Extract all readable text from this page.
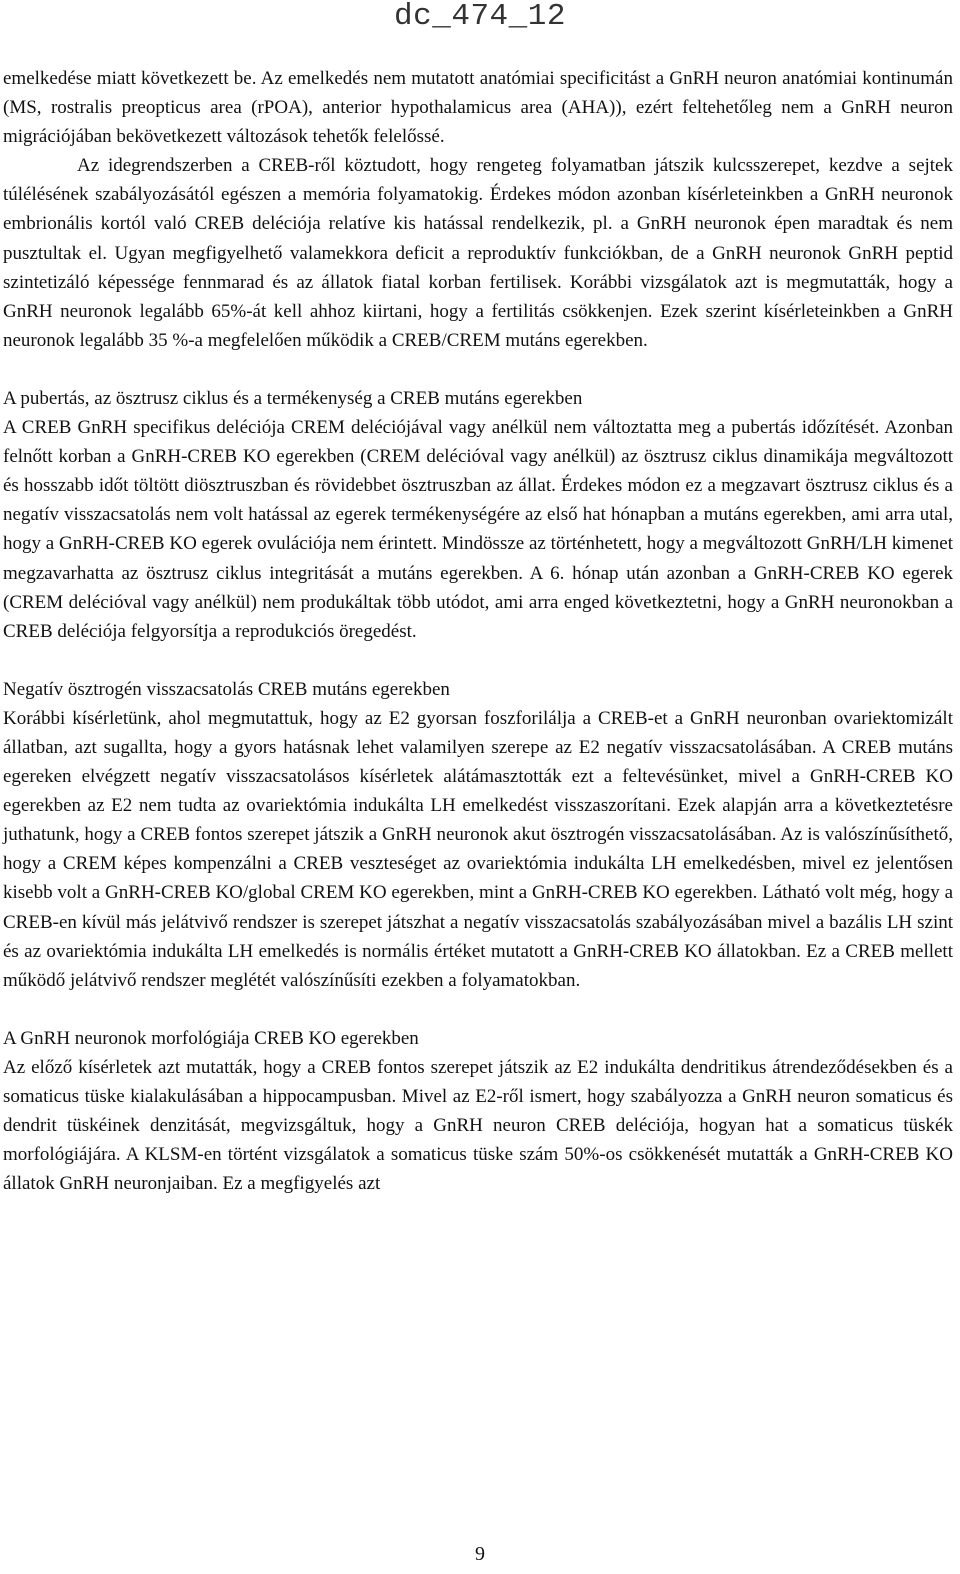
dc_474_12

emelkedése miatt következett be. Az emelkedés nem mutatott anatómiai specificitást a GnRH neuron anatómiai kontinumán (MS, rostralis preopticus area (rPOA), anterior hypothalamicus area (AHA)), ezért feltehetőleg nem a GnRH neuron migrációjában bekövetkezett változások tehetők felelőssé.

Az idegrendszerben a CREB-ről köztudott, hogy rengeteg folyamatban játszik kulcsszerepet, kezdve a sejtek túlélésének szabályozásától egészen a memória folyamatokig. Érdekes módon azonban kísérleteinkben a GnRH neuronok embrionális kortól való CREB deléciója relatíve kis hatással rendelkezik, pl. a GnRH neuronok épen maradtak és nem pusztultak el. Ugyan megfigyelhető valamekkora deficit a reproduktív funkciókban, de a GnRH neuronok GnRH peptid szintetizáló képessége fennmarad és az állatok fiatal korban fertilisek. Korábbi vizsgálatok azt is megmutatták, hogy a GnRH neuronok legalább 65%-át kell ahhoz kiirtani, hogy a fertilitás csökkenjen. Ezek szerint kísérleteinkben a GnRH neuronok legalább 35 %-a megfelelően működik a CREB/CREM mutáns egerekben.

A pubertás, az ösztrusz ciklus és a termékenység a CREB mutáns egerekben

A CREB GnRH specifikus deléciója CREM deléciójával vagy anélkül nem változtatta meg a pubertás időzítését. Azonban felnőtt korban a GnRH-CREB KO egerekben (CREM delécióval vagy anélkül) az ösztrusz ciklus dinamikája megváltozott és hosszabb időt töltött diösztruszban és rövidebbet ösztruszban az állat. Érdekes módon ez a megzavart ösztrusz ciklus és a negatív visszacsatolás nem volt hatással az egerek termékenységére az első hat hónapban a mutáns egerekben, ami arra utal, hogy a GnRH-CREB KO egerek ovulációja nem érintett. Mindössze az történhetett, hogy a megváltozott GnRH/LH kimenet megzavarhatta az ösztrusz ciklus integritását a mutáns egerekben. A 6. hónap után azonban a GnRH-CREB KO egerek (CREM delécióval vagy anélkül) nem produkáltak több utódot, ami arra enged következtetni, hogy a GnRH neuronokban a CREB deléciója felgyorsítja a reprodukciós öregedést.

Negatív ösztrogén visszacsatolás CREB mutáns egerekben

Korábbi kísérletünk, ahol megmutattuk, hogy az E2 gyorsan foszforilálja a CREB-et a GnRH neuronban ovariektomizált állatban, azt sugallta, hogy a gyors hatásnak lehet valamilyen szerepe az E2 negatív visszacsatolásában. A CREB mutáns egereken elvégzett negatív visszacsatolásos kísérletek alátámasztották ezt a feltevésünket, mivel a GnRH-CREB KO egerekben az E2 nem tudta az ovariektómia indukálta LH emelkedést visszaszorítani. Ezek alapján arra a következtetésre juthatunk, hogy a CREB fontos szerepet játszik a GnRH neuronok akut ösztrogén visszacsatolásában. Az is valószínűsíthető, hogy a CREM képes kompenzálni a CREB veszteséget az ovariektómia indukálta LH emelkedésben, mivel ez jelentősen kisebb volt a GnRH-CREB KO/global CREM KO egerekben, mint a GnRH-CREB KO egerekben. Látható volt még, hogy a CREB-en kívül más jelátvivő rendszer is szerepet játszhat a negatív visszacsatolás szabályozásában mivel a bazális LH szint és az ovariektómia indukálta LH emelkedés is normális értéket mutatott a GnRH-CREB KO állatokban. Ez a CREB mellett működő jelátvivő rendszer meglétét valószínűsíti ezekben a folyamatokban.

A GnRH neuronok morfológiája CREB KO egerekben

Az előző kísérletek azt mutatták, hogy a CREB fontos szerepet játszik az E2 indukálta dendritikus átrendeződésekben és a somaticus tüske kialakulásában a hippocampusban. Mivel az E2-ről ismert, hogy szabályozza a GnRH neuron somaticus és dendrit tüskéinek denzitását, megvizsgáltuk, hogy a GnRH neuron CREB deléciója, hogyan hat a somaticus tüskék morfológiájára. A KLSM-en történt vizsgálatok a somaticus tüske szám 50%-os csökkenését mutatták a GnRH-CREB KO állatok GnRH neuronjaiban. Ez a megfigyelés azt

9
